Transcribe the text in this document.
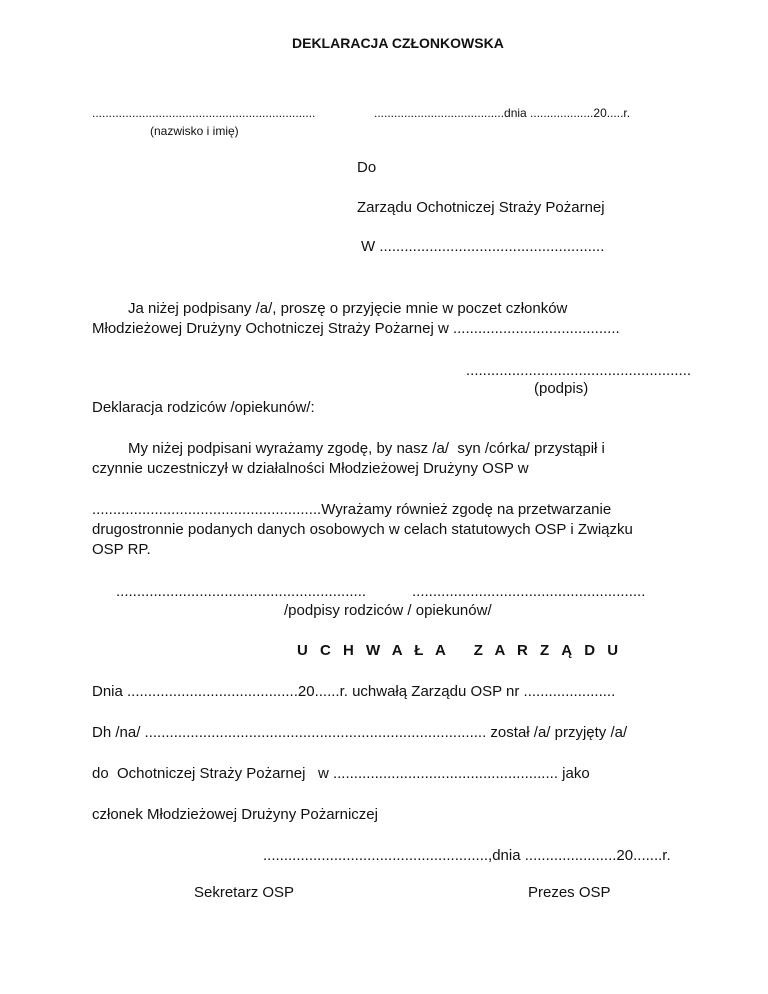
DEKLARACJA CZŁONKOWSKA
...................................................................	.......................................dnia ...................20.....r.
(nazwisko i imię)
Do
Zarządu Ochotniczej Straży Pożarnej
W ......................................................
Ja niżej podpisany /a/, proszę o przyjęcie mnie w poczet członków
Młodzieżowej Drużyny Ochotniczej Straży Pożarnej w ........................................
......................................................
(podpis)
Deklaracja rodziców /opiekunów/:
My niżej podpisani wyrażamy zgodę, by nasz /a/  syn /córka/ przystąpił i
czynnie uczestniczył w działalności Młodzieżowej Drużyny OSP w
.......................................................Wyrażamy również zgodę na przetwarzanie
drugostronnie podanych danych osobowych w celach statutowych OSP i Związku
OSP RP.
............................................................	........................................................
/podpisy rodziców / opiekunów/
U C H W A Ł A   Z A R Z Ą D U
Dnia .........................................20......r. uchwałą Zarządu OSP nr ......................
Dh /na/ .................................................................................. został /a/ przyjęty /a/
do  Ochotniczej Straży Pożarnej   w ...................................................... jako
członek Młodzieżowej Drużyny Pożarniczej
......................................................,dnia ......................20.......r.
Sekretarz OSP	Prezes OSP
